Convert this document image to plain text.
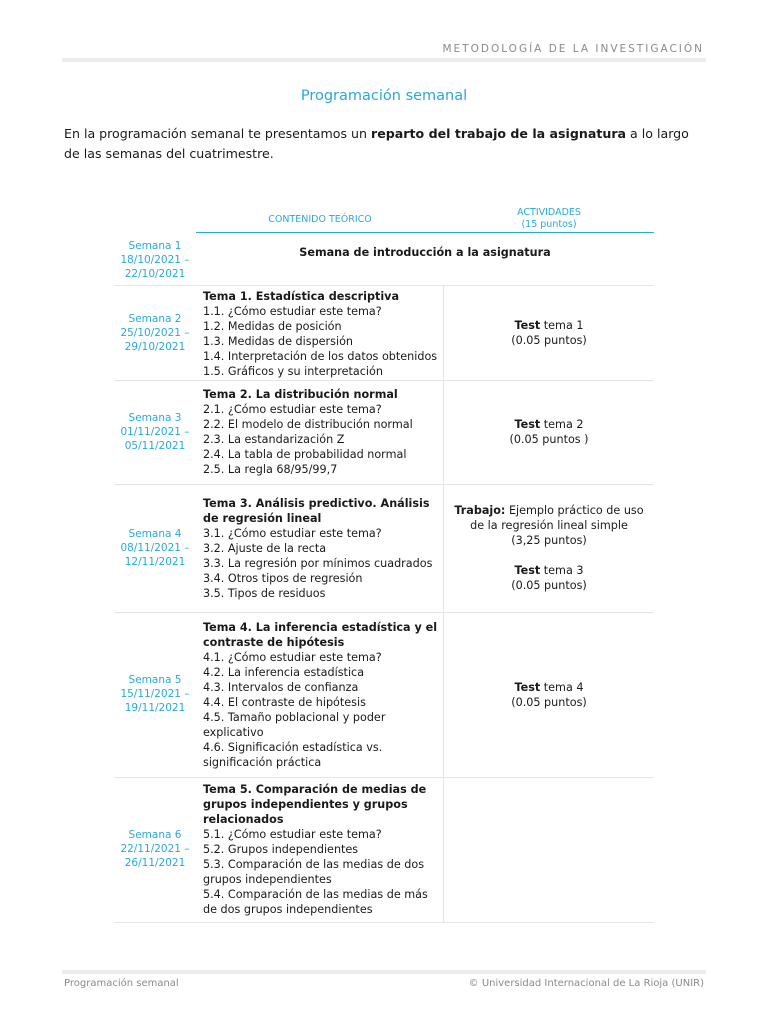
METODOLOGÍA DE LA INVESTIGACIÓN
Programación semanal

En la programación semanal te presentamos un reparto del trabajo de la asignatura a lo largo de las semanas del cuatrimestre.

CONTENIDO TEÓRICO
ACTIVIDADES
(15 puntos)
Semana 1
18/10/2021 –
22/10/2021
Semana de introducción a la asignatura
Semana 2
25/10/2021 –
29/10/2021
Tema 1. Estadística descriptiva
1.1. ¿Cómo estudiar este tema?
1.2. Medidas de posición
1.3. Medidas de dispersión
1.4. Interpretación de los datos obtenidos
1.5. Gráficos y su interpretación
Test tema 1
(0.05 puntos)
Semana 3
01/11/2021 –
05/11/2021
Tema 2. La distribución normal
2.1. ¿Cómo estudiar este tema?
2.2. El modelo de distribución normal
2.3. La estandarización Z
2.4. La tabla de probabilidad normal
2.5. La regla 68/95/99,7
Test tema 2
(0.05 puntos )
Semana 4
08/11/2021 –
12/11/2021
Tema 3. Análisis predictivo. Análisis de regresión lineal
3.1. ¿Cómo estudiar este tema?
3.2. Ajuste de la recta
3.3. La regresión por mínimos cuadrados
3.4. Otros tipos de regresión
3.5. Tipos de residuos
Trabajo: Ejemplo práctico de uso de la regresión lineal simple
(3,25 puntos)
Test tema 3
(0.05 puntos)
Semana 5
15/11/2021 –
19/11/2021
Tema 4. La inferencia estadística y el contraste de hipótesis
4.1. ¿Cómo estudiar este tema?
4.2. La inferencia estadística
4.3. Intervalos de confianza
4.4. El contraste de hipótesis
4.5. Tamaño poblacional y poder explicativo
4.6. Significación estadística vs. significación práctica
Test tema 4
(0.05 puntos)
Semana 6
22/11/2021 –
26/11/2021
Tema 5. Comparación de medias de grupos independientes y grupos relacionados
5.1. ¿Cómo estudiar este tema?
5.2. Grupos independientes
5.3. Comparación de las medias de dos grupos independientes
5.4. Comparación de las medias de más de dos grupos independientes
Programación semanal	© Universidad Internacional de La Rioja (UNIR)
